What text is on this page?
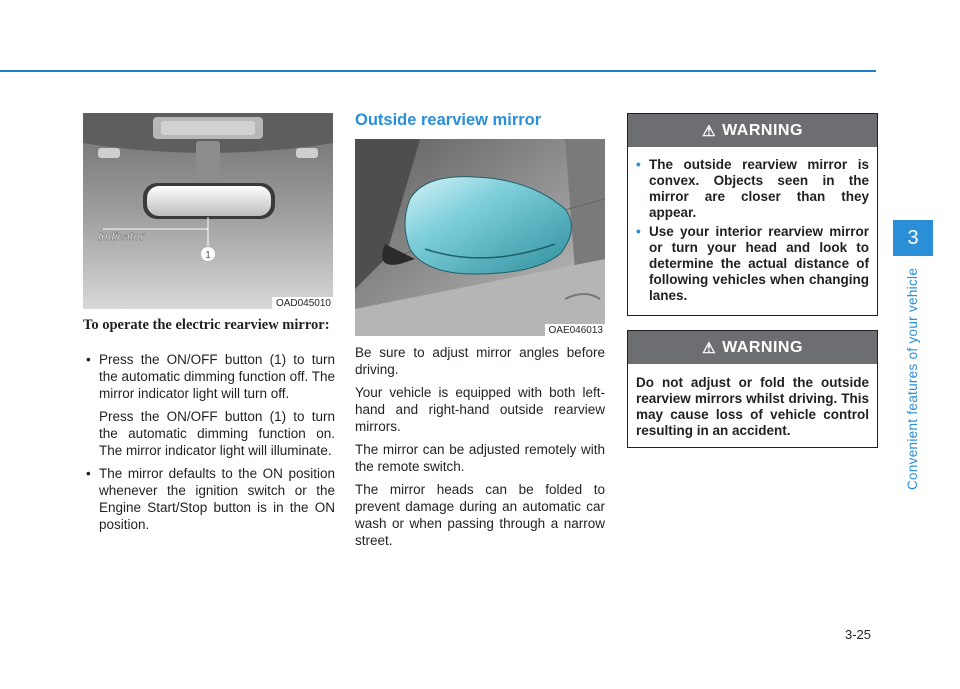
1
Indicator
OAD045010
To operate the electric rearview mirror:
• Press the ON/OFF button (1) to turn the automatic dimming function off. The mirror indicator light will turn off.

Press the ON/OFF button (1) to turn the automatic dimming function on. The mirror indicator light will illuminate.

• The mirror defaults to the ON position whenever the ignition switch or the Engine Start/Stop button is in the ON position.

Outside rearview mirror
OAE046013

Be sure to adjust mirror angles before driving.

Your vehicle is equipped with both left-hand and right-hand outside rearview mirrors.

The mirror can be adjusted remotely with the remote switch.

The mirror heads can be folded to prevent damage during an automatic car wash or when passing through a narrow street.

⚠ WARNING
• The outside rearview mirror is convex. Objects seen in the mirror are closer than they appear.
• Use your interior rearview mirror or turn your head and look to determine the actual distance of following vehicles when changing lanes.
⚠ WARNING
Do not adjust or fold the outside rearview mirrors whilst driving. This may cause loss of vehicle control resulting in an accident.
3
Convenient features of your vehicle
3-25
